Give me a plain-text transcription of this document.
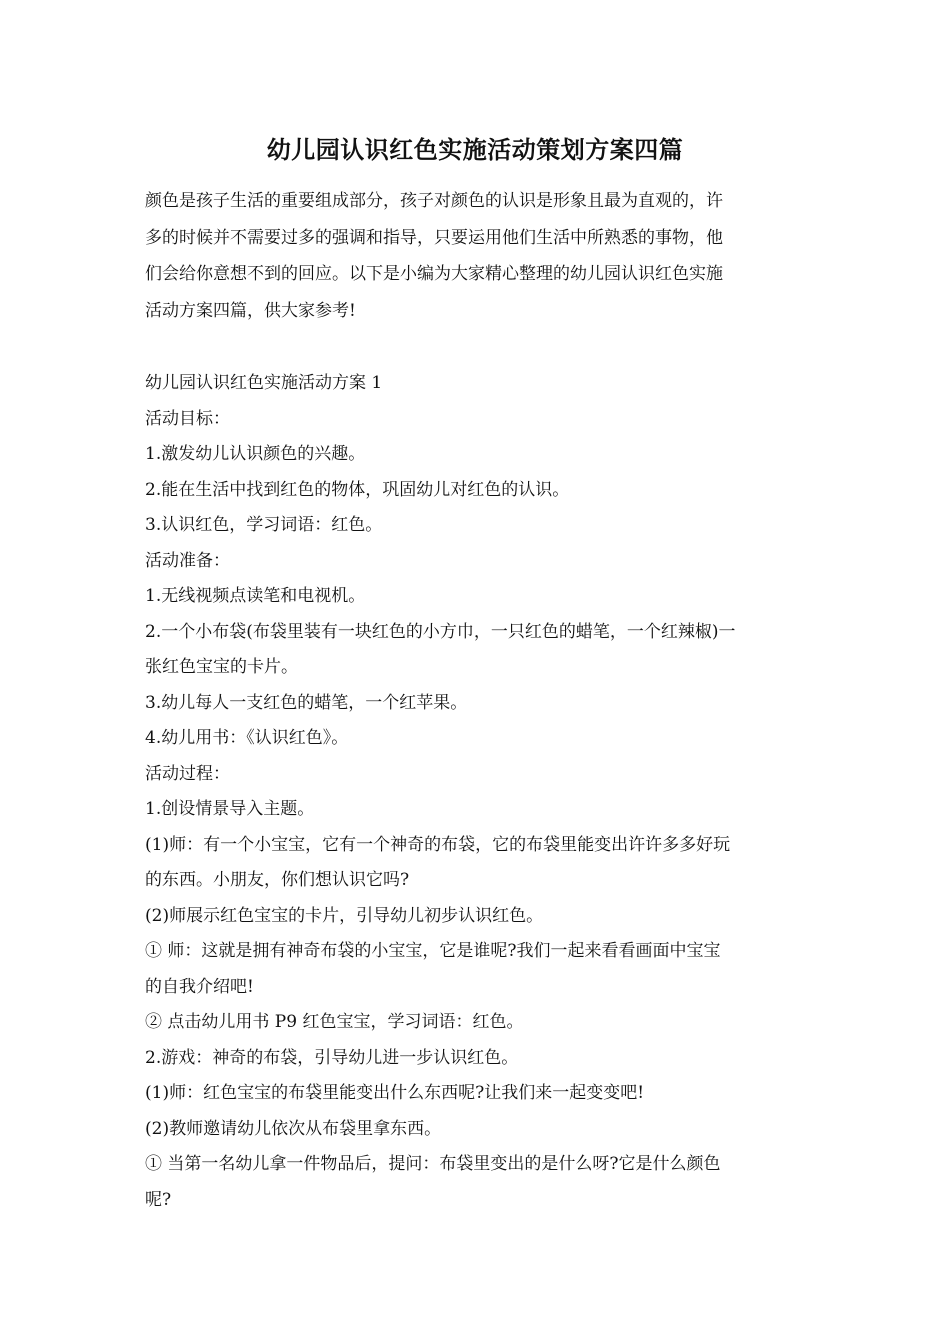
幼儿园认识红色实施活动策划方案四篇
颜色是孩子生活的重要组成部分，孩子对颜色的认识是形象且最为直观的，许
多的时候并不需要过多的强调和指导，只要运用他们生活中所熟悉的事物，他
们会给你意想不到的回应。以下是小编为大家精心整理的幼儿园认识红色实施
活动方案四篇，供大家参考!
幼儿园认识红色实施活动方案 1
活动目标：
1.激发幼儿认识颜色的兴趣。
2.能在生活中找到红色的物体，巩固幼儿对红色的认识。
3.认识红色，学习词语：红色。
活动准备：
1.无线视频点读笔和电视机。
2.一个小布袋(布袋里装有一块红色的小方巾，一只红色的蜡笔，一个红辣椒)一
张红色宝宝的卡片。
3.幼儿每人一支红色的蜡笔，一个红苹果。
4.幼儿用书：《认识红色》。
活动过程：
1.创设情景导入主题。
(1)师：有一个小宝宝，它有一个神奇的布袋，它的布袋里能变出许许多多好玩
的东西。小朋友，你们想认识它吗?
(2)师展示红色宝宝的卡片，引导幼儿初步认识红色。
① 师：这就是拥有神奇布袋的小宝宝，它是谁呢?我们一起来看看画面中宝宝
的自我介绍吧!
② 点击幼儿用书 P9 红色宝宝，学习词语：红色。
2.游戏：神奇的布袋，引导幼儿进一步认识红色。
(1)师：红色宝宝的布袋里能变出什么东西呢?让我们来一起变变吧!
(2)教师邀请幼儿依次从布袋里拿东西。
① 当第一名幼儿拿一件物品后，提问：布袋里变出的是什么呀?它是什么颜色
呢?
